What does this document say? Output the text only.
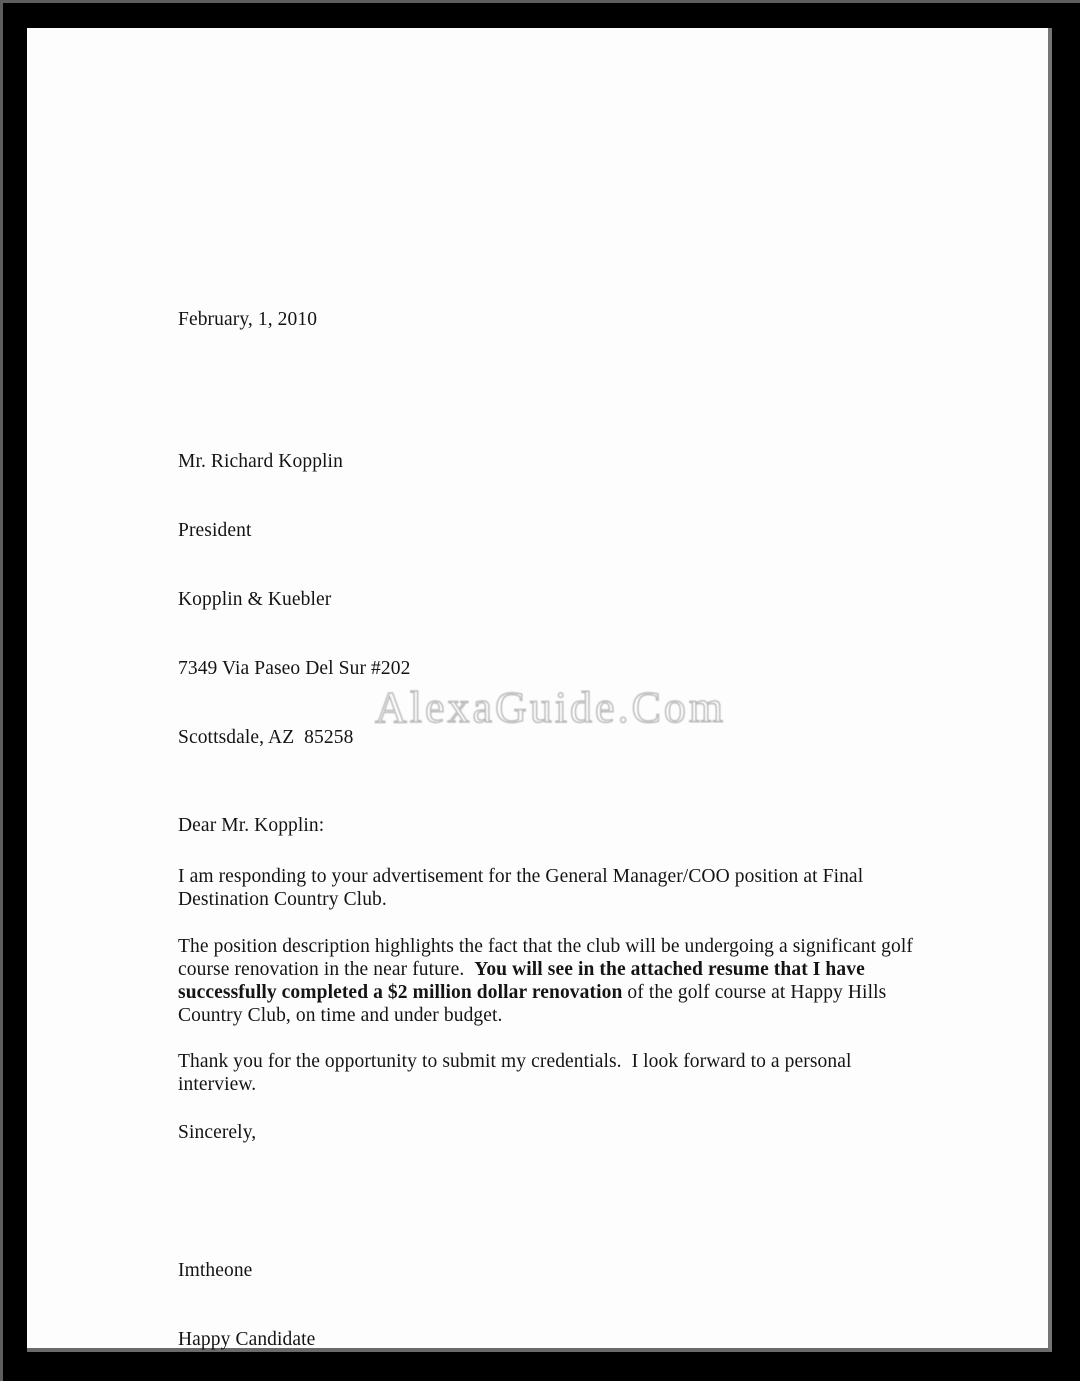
February, 1, 2010

Mr. Richard Kopplin

President

Kopplin & Kuebler

7349 Via Paseo Del Sur #202

Scottsdale, AZ  85258

Dear Mr. Kopplin:

I am responding to your advertisement for the General Manager/COO position at Final Destination Country Club.

The position description highlights the fact that the club will be undergoing a significant golf course renovation in the near future.  You will see in the attached resume that I have successfully completed a $2 million dollar renovation of the golf course at Happy Hills Country Club, on time and under budget.

Thank you for the opportunity to submit my credentials.  I look forward to a personal interview.

Sincerely,

Imtheone

Happy Candidate

AlexaGuide.Com
